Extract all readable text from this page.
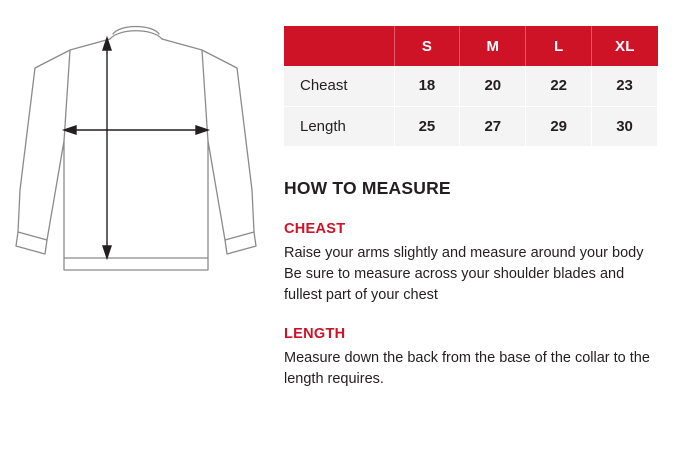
	S	M	L	XL
Cheast	18	20	22	23
Length	25	27	29	30
HOW TO MEASURE

CHEAST

Raise your arms slightly and measure around your body Be sure to measure across your shoulder blades and fullest part of your chest

LENGTH

Measure down the back from the base of the collar to the length requires.
